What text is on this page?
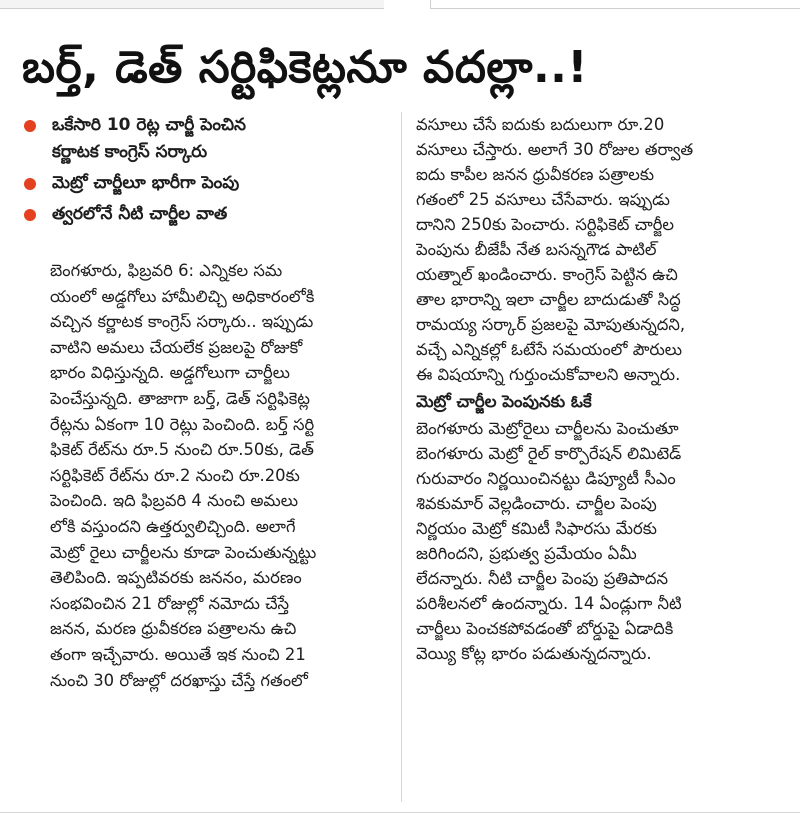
బర్త్, డెత్ సర్టిఫికెట్లనూ వదల్లా..!
ఒకేసారి 10 రెట్ల చార్జీ పెంచిన
కర్ణాటక కాంగ్రెస్ సర్కారు
మెట్రో చార్జీలూ భారీగా పెంపు
త్వరలోనే నీటి చార్జీల వాత
బెంగళూరు, ఫిబ్రవరి 6: ఎన్నికల సమ
యంలో అడ్డగోలు హామీలిచ్చి అధికారంలోకి
వచ్చిన కర్ణాటక కాంగ్రెస్ సర్కారు.. ఇప్పుడు
వాటిని అమలు చేయలేక ప్రజలపై రోజుకో
భారం విధిస్తున్నది. అడ్డగోలుగా చార్జీలు
పెంచేస్తున్నది. తాజాగా బర్త్, డెత్ సర్టిఫికెట్ల
రేట్లను ఏకంగా 10 రెట్లు పెంచింది. బర్త్ సర్టి
ఫికెట్ రేట్‌ను రూ.5 నుంచి రూ.50కు, డెత్
సర్టిఫికెట్ రేట్‌ను రూ.2 నుంచి రూ.20కు
పెంచింది. ఇది ఫిబ్రవరి 4 నుంచి అమలు
లోకి వస్తుందని ఉత్తర్వులిచ్చింది. అలాగే
మెట్రో రైలు చార్జీలను కూడా పెంచుతున్నట్టు
తెలిపింది. ఇప్పటివరకు జననం, మరణం
సంభవించిన 21 రోజుల్లో నమోదు చేస్తే
జనన, మరణ ధ్రువీకరణ పత్రాలను ఉచి
తంగా ఇచ్చేవారు. అయితే ఇక నుంచి 21
నుంచి 30 రోజుల్లో దరఖాస్తు చేస్తే గతంలో
వసూలు చేసే ఐదుకు బదులుగా రూ.20
వసూలు చేస్తారు. అలాగే 30 రోజుల తర్వాత
ఐదు కాపీల జనన ధ్రువీకరణ పత్రాలకు
గతంలో 25 వసూలు చేసేవారు. ఇప్పుడు
దానిని 250కు పెంచారు. సర్టిఫికెట్ చార్జీల
పెంపును బీజేపీ నేత బసన్నగౌడ పాటిల్
యత్నాల్ ఖండించారు. కాంగ్రెస్ పెట్టిన ఉచి
తాల భారాన్ని ఇలా చార్జీల బాదుడుతో సిద్ధ
రామయ్య సర్కార్ ప్రజలపై మోపుతున్నదని,
వచ్చే ఎన్నికల్లో ఓటేసే సమయంలో పౌరులు
ఈ విషయాన్ని గుర్తుంచుకోవాలని అన్నారు.
మెట్రో చార్జీల పెంపునకు ఓకే
బెంగళూరు మెట్రోరైలు చార్జీలను పెంచుతూ
బెంగళూరు మెట్రో రైల్ కార్పొరేషన్ లిమిటెడ్
గురువారం నిర్ణయించినట్టు డిప్యూటీ సీఎం
శివకుమార్ వెల్లడించారు. చార్జీల పెంపు
నిర్ణయం మెట్రో కమిటీ సిఫారసు మేరకు
జరిగిందని, ప్రభుత్వ ప్రమేయం ఏమీ
లేదన్నారు. నీటి చార్జీల పెంపు ప్రతిపాదన
పరిశీలనలో ఉందన్నారు. 14 ఏండ్లుగా నీటి
చార్జీలు పెంచకపోవడంతో బోర్డుపై ఏడాదికి
వెయ్యి కోట్ల భారం పడుతున్నదన్నారు.
